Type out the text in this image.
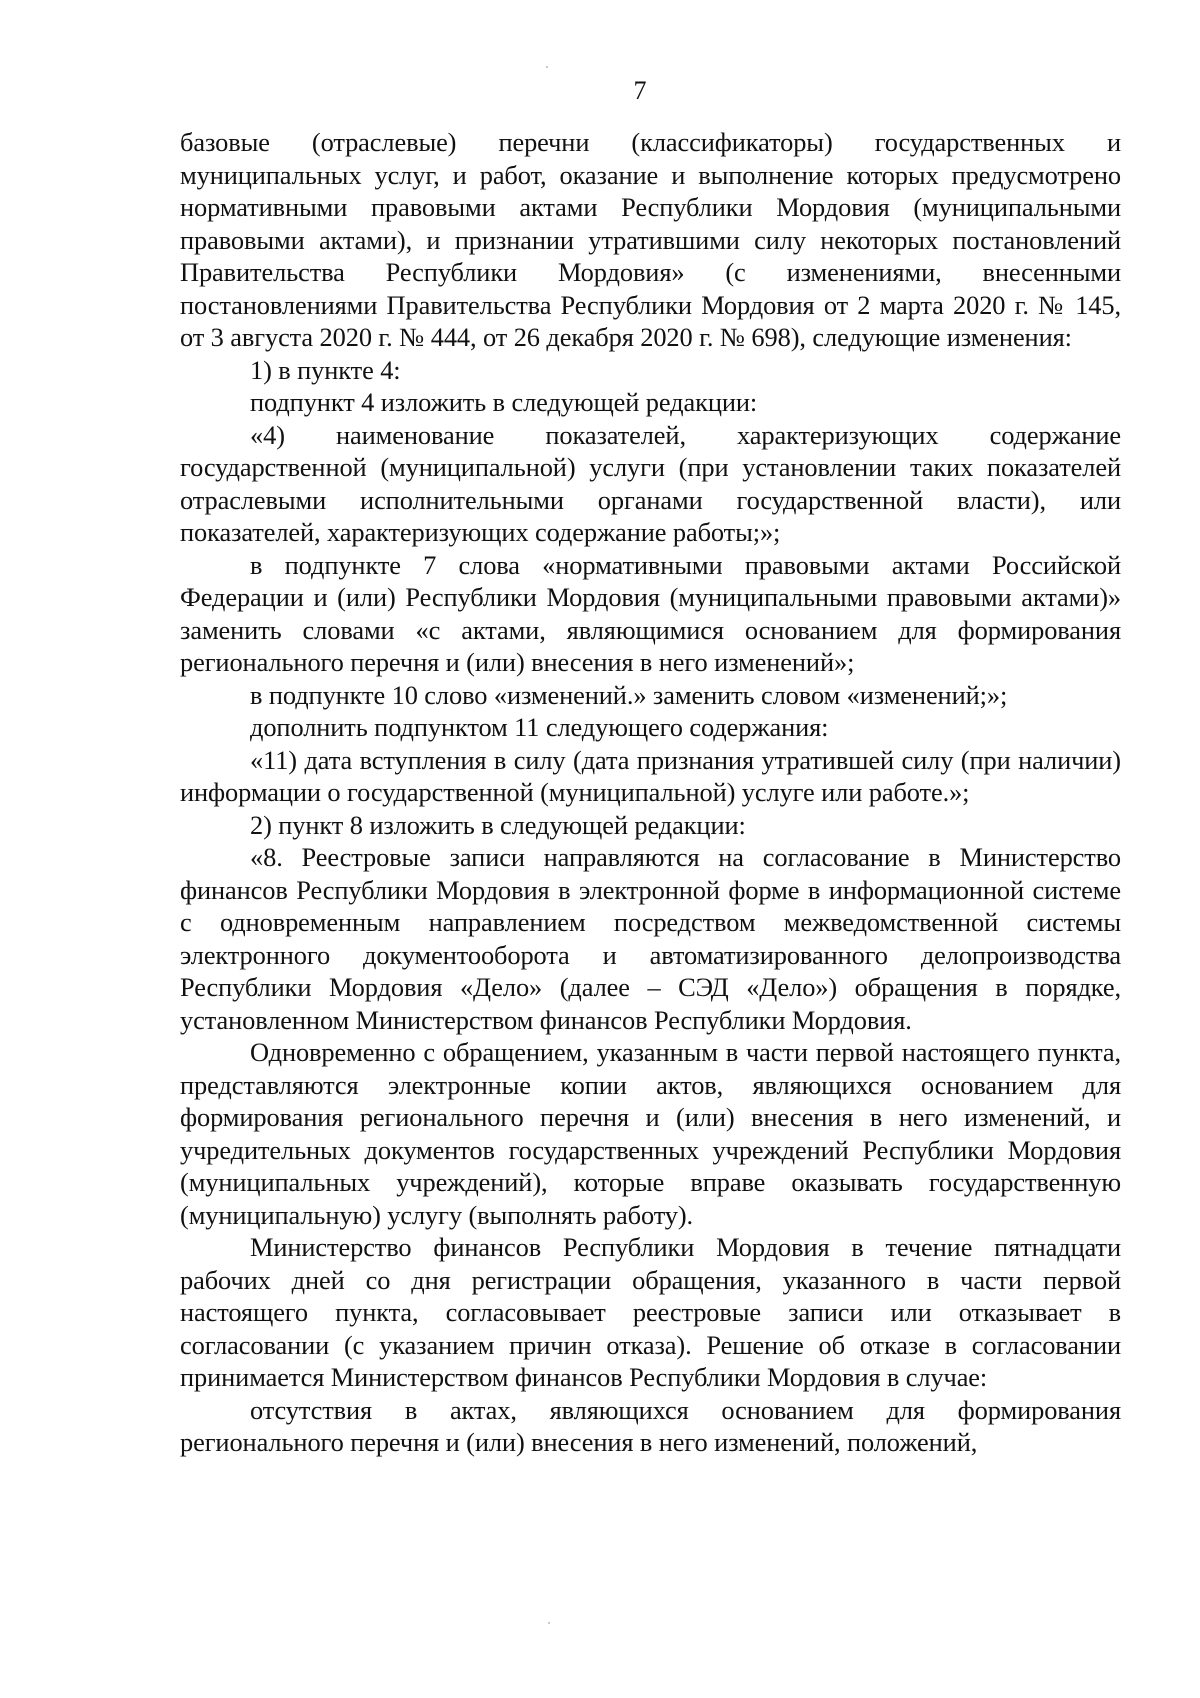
7

базовые (отраслевые) перечни (классификаторы) государственных и муниципальных услуг, и работ, оказание и выполнение которых предусмотрено нормативными правовыми актами Республики Мордовия (муниципальными правовыми актами), и признании утратившими силу некоторых постановлений Правительства Республики Мордовия» (с изменениями, внесенными постановлениями Правительства Республики Мордовия от 2 марта 2020 г. № 145, от 3 августа 2020 г. № 444, от 26 декабря 2020 г. № 698), следующие изменения:

1) в пункте 4:

подпункт 4 изложить в следующей редакции:

«4) наименование показателей, характеризующих содержание государственной (муниципальной) услуги (при установлении таких показателей отраслевыми исполнительными органами государственной власти), или показателей, характеризующих содержание работы;»;

в подпункте 7 слова «нормативными правовыми актами Российской Федерации и (или) Республики Мордовия (муниципальными правовыми актами)» заменить словами «с актами, являющимися основанием для формирования регионального перечня и (или) внесения в него изменений»;

в подпункте 10 слово «изменений.» заменить словом «изменений;»;

дополнить подпунктом 11 следующего содержания:

«11) дата вступления в силу (дата признания утратившей силу (при наличии) информации о государственной (муниципальной) услуге или работе.»;

2) пункт 8 изложить в следующей редакции:

«8. Реестровые записи направляются на согласование в Министерство финансов Республики Мордовия в электронной форме в информационной системе с одновременным направлением посредством межведомственной системы электронного документооборота и автоматизированного делопроизводства Республики Мордовия «Дело» (далее – СЭД «Дело») обращения в порядке, установленном Министерством финансов Республики Мордовия.

Одновременно с обращением, указанным в части первой настоящего пункта, представляются электронные копии актов, являющихся основанием для формирования регионального перечня и (или) внесения в него изменений, и учредительных документов государственных учреждений Республики Мордовия (муниципальных учреждений), которые вправе оказывать государственную (муниципальную) услугу (выполнять работу).

Министерство финансов Республики Мордовия в течение пятнадцати рабочих дней со дня регистрации обращения, указанного в части первой настоящего пункта, согласовывает реестровые записи или отказывает в согласовании (с указанием причин отказа). Решение об отказе в согласовании принимается Министерством финансов Республики Мордовия в случае:

отсутствия в актах, являющихся основанием для формирования регионального перечня и (или) внесения в него изменений, положений,
